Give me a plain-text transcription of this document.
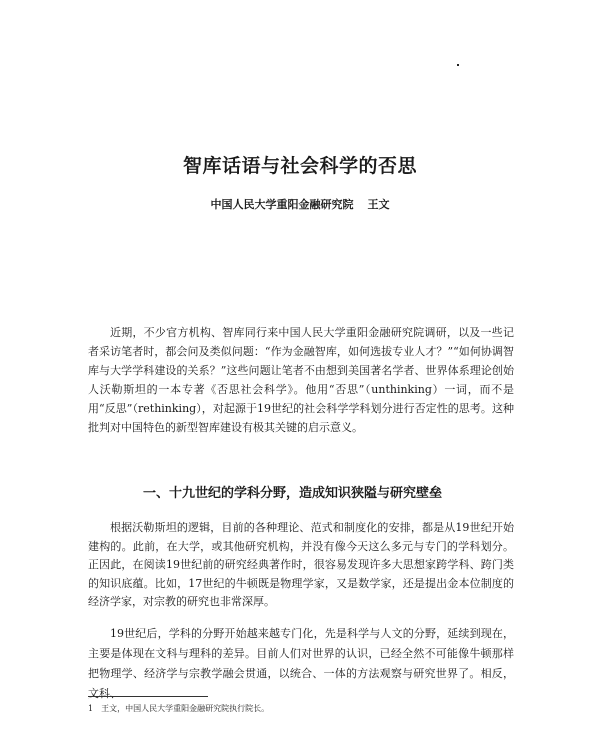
智库话语与社会科学的否思
中国人民大学重阳金融研究院 王文

近期，不少官方机构、智库同行来中国人民大学重阳金融研究院调研，以及一些记者采访笔者时，都会问及类似问题：“作为金融智库，如何选拔专业人才？”“如何协调智库与大学学科建设的关系？”这些问题让笔者不由想到美国著名学者、世界体系理论创始人沃勒斯坦的一本专著《否思社会科学》。他用“否思”（unthinking）一词，而不是用“反思”（rethinking），对起源于19世纪的社会科学学科划分进行否定性的思考。这种批判对中国特色的新型智库建设有极其关键的启示意义。

一、十九世纪的学科分野，造成知识狭隘与研究壁垒

根据沃勒斯坦的逻辑，目前的各种理论、范式和制度化的安排，都是从19世纪开始建构的。此前，在大学，或其他研究机构，并没有像今天这么多元与专门的学科划分。正因此，在阅读19世纪前的研究经典著作时，很容易发现许多大思想家跨学科、跨门类的知识底蕴。比如，17世纪的牛顿既是物理学家，又是数学家，还是提出金本位制度的经济学家，对宗教的研究也非常深厚。

19世纪后，学科的分野开始越来越专门化，先是科学与人文的分野，延续到现在，主要是体现在文科与理科的差异。目前人们对世界的认识，已经全然不可能像牛顿那样把物理学、经济学与宗教学融会贯通，以统合、一体的方法观察与研究世界了。相反，文科、

1　王文，中国人民大学重阳金融研究院执行院长。
